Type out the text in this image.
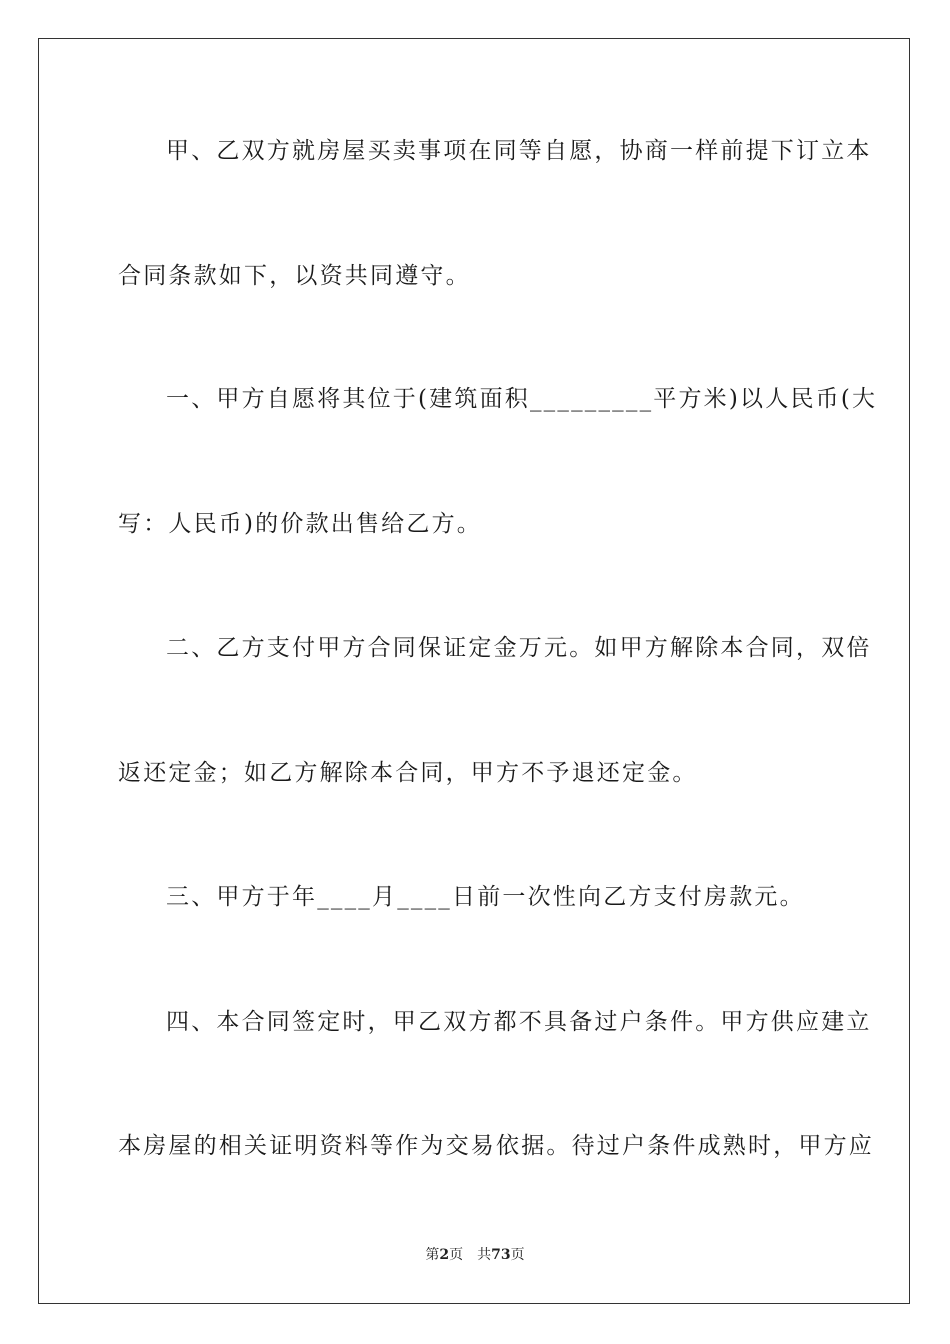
甲、乙双方就房屋买卖事项在同等自愿，协商一样前提下订立本
合同条款如下，以资共同遵守。
一、甲方自愿将其位于(建筑面积_________平方米)以人民币(大
写：人民币)的价款出售给乙方。
二、乙方支付甲方合同保证定金万元。如甲方解除本合同，双倍
返还定金；如乙方解除本合同，甲方不予退还定金。
三、甲方于年____月____日前一次性向乙方支付房款元。
四、本合同签定时，甲乙双方都不具备过户条件。甲方供应建立
本房屋的相关证明资料等作为交易依据。待过户条件成熟时，甲方应
第2页 共73页
